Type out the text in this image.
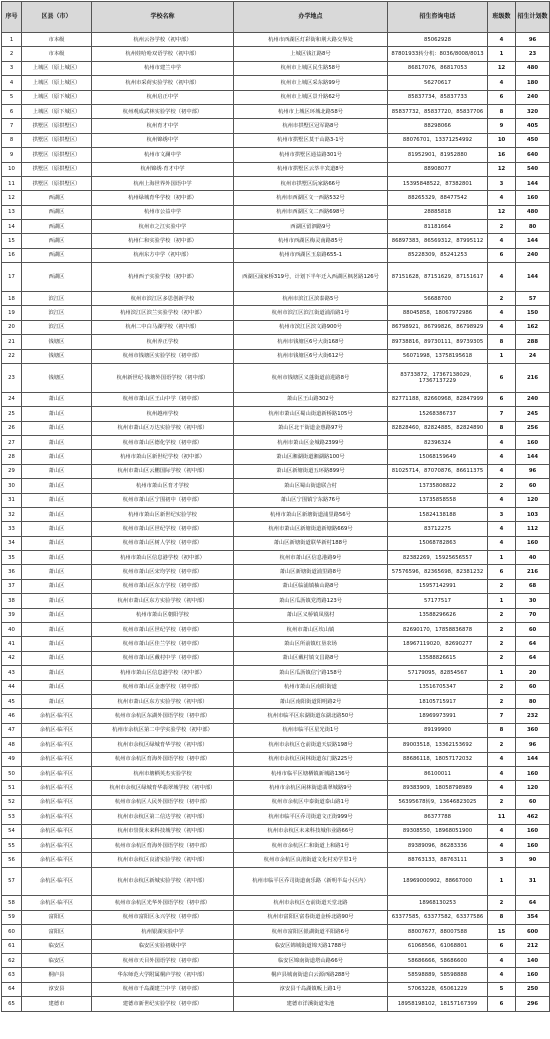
序号	区县（市）	学校名称	办学地点	招生咨询电话	班级数	招生计划数
1	市本级	杭州云谷学校（初中部）	杭州市西湖区灯彩街和荆大路交界处	85062928	4	96
2	市本级	杭州娃哈哈双语学校（初中部）	上城区钱江路8号	87801933转分机：8036/8008/8013	1	23
3	上城区（原上城区）	杭州市建兰中学	杭州市上城区民生路58号	86817076，86817053	12	480
4	上城区（原上城区）	杭州市采荷实验学校（初中部）	杭州市上城区采东路99号	56270617	4	180
5	上城区（原下城区）	杭州启正中学	杭州市上城区景升路62号	85837734，85837733	6	240
6	上城区（原下城区）	杭州观成武林实验学校（初中部）	杭州市上城区环城北路58号	85837732，85837720，85837706	8	320
7	拱墅区（原拱墅区）	杭州育才中学	杭州市拱墅区冠军路8号	88298066	9	405
8	拱墅区（原拱墅区）	杭州锦绣中学	杭州市拱墅区莫干山路3-1号	88076701，13371254992	10	450
9	拱墅区（原拱墅区）	杭州市文澜中学	杭州市拱墅区通益路301号	81952901，81952880	16	640
10	拱墅区（原拱墅区）	杭州锦绣·育才中学	杭州市拱墅区云萃丰宾道8号	88908077	12	540
11	拱墅区（原拱墅区）	杭州上海世界外国语中学	杭州市拱墅区阮家路66号	15395848522，87382801	3	144
12	西湖区	杭州绿城育华学校（初中部）	杭州市西湖区文一西路532号	88265329，88477542	4	160
13	西湖区	杭州市公益中学	杭州市西湖区文二西路698号	28885818	12	480
14	西湖区	杭州市之江实验中学	西湖区留泗路9号	81181664	2	80
15	西湖区	杭州仁和实验学校（初中部）	杭州市西湖区梅灵南路85号	86897383，86569312，87995112	4	144
16	西湖区	杭州东方中学（初中部）	杭州市西湖区玉泉路655-1	85228309，85241253	6	240
17	西湖区	杭州西子实验学校（初中部）	西湖区涌家桥319号，计划下半年迁入西湖区枫茗路126号	87151628，87151629，87151617	4	144
18	滨江区	杭州市滨江区多思创新学校	杭州市滨江区滨泰路5号	56688700	2	57
19	滨江区	杭州滨江区滨兰实验学校（初中部）	杭州市滨江区滨江街道浦沿路1号	88045858，18067972986	4	150
20	滨江区	杭州二中白马湖学校（初中部）	杭州市滨江区滨文路900号	86798921，86799826，86798929	4	162
21	钱塘区	杭州养正学校	杭州市钱塘区6号大街168号	89738816，89730111，89739305	8	288
22	钱塘区	杭州市钱塘区实验学校（初中部）	杭州市钱塘区6号大街612号	56071998，13758195618	1	24
23	钱塘区	杭州新世纪·钱塘外国语学校（初中部）	杭州市钱塘区义蓬街道前进路8号	83733872，17367138029，17367137229	6	216
24	萧山区	杭州市萧山区王山中学（初中部）	萧山区王山路302号	82771188，82660968，82847999	6	240
25	萧山区	杭州越州学校	杭州市萧山区蜀山街道新桥路105号	15268386737	7	245
26	萧山区	杭州市萧山区万达实验学校（初中部）	萧山区北干街道金惠路97号	82828460，82824885，82824890	8	256
27	萧山区	杭州市萧山区德化学校（初中部）	杭州市萧山区金城路2399号	82396324	4	160
28	萧山区	杭州市萧山区新世纪学校（初中部）	萧山区湘湖街道湘湖路100号	15068159649	4	144
29	萧山区	杭州市萧山区云鹏国际学校（初中部）	萧山区新塘街道五环路899号	81025714，87070876，86611375	4	96
30	萧山区	杭州市萧山区育才学校	萧山区蜀山街道联合村	13735808822	2	60
31	萧山区	杭州市萧山区宁围初中（初中部）	萧山区宁围镇宁东路76号	13735858558	4	120
32	萧山区	杭州市萧山区新世纪实验学校	杭州市萧山区新塘街道浦里路56号	15824138188	3	103
33	萧山区	杭州市萧山区世纪学校（初中部）	杭州市萧山区新塘街道新塘路669号	83712275	4	112
34	萧山区	杭州市萧山区树人学校（初中部）	萧山区新塘街道联华新村188号	15068782863	4	160
35	萧山区	杭州市萧山区信息港学校（初中部）	杭州市萧山区信息港路9号	82382269，15925656557	1	40
36	萧山区	杭州市萧山区宋均学校（初中部）	萧山区新塘街道浦里路8号	57576596，82365698，82381232	6	216
37	萧山区	杭州市萧山区东方学校（初中部）	萧山区临浦镇柚山路8号	15957142991	2	68
38	萧山区	杭州市萧山区东方实验学校（初中部）	萧山区瓜沥镇党湾路123号	57177517	1	30
39	萧山区	杭州市萧山区朝阳学校	萧山区义桥镇凤凰村	13588296626	2	70
40	萧山区	杭州市萧山区世纪学校（初中部）	杭州市萧山区坎山镇	82690170，17858836878	2	60
41	萧山区	杭州市萧山区佳兰学校（初中部）	萧山区所前镇红垦农场	18967119020，82690277	2	64
42	萧山区	杭州市萧山区戴村中学（初中部）	萧山区戴村镇文昌路8号	13588826615	2	64
43	萧山区	杭州市萧山区信息港学校（初中部）	萧山区瓜沥镇信宁路158号	57179095，82854567	1	20
44	萧山区	杭州市萧山区金惠学校（初中部）	杭州市萧山区南阳街道	13516705347	2	60
45	萧山区	杭州市萧山区东方实验学校（初中部）	萧山区南阳街道阳明路2号	18105715917	2	80
46	余杭区·临平区	杭州市余杭区东湖外国语学校（初中部）	杭州市临平区东湖街道东湖北路50号	18969973991	7	232
47	余杭区·临平区	杭州市余杭区第二中学实验学校（初中部）	杭州市临平区星光街1号	89199900	8	360
48	余杭区·临平区	杭州市余杭区绿城育华学校（初中部）	杭州市余杭区仓前街道天辰路198号	89003518，13362153692	2	96
49	余杭区·临平区	杭州市余杭区育海外国语学校（初中部）	杭州市余杭区闲林街道东门路225号	88686118，18057172032	4	144
50	余杭区·临平区	杭州市塘栖英杰实验学校	杭州市临平区塘栖镇新城路136号	86100011	4	160
51	余杭区·临平区	杭州市余杭区绿城育华翡翠城学校（初中部）	杭州市余杭区闲林街道翡翠城路9号	89383909，18058798989	4	120
52	余杭区·临平区	杭州市余杭区人民外国语学校（初中部）	杭州市余杭区中泰街道泰山路1号	56395678转9，13646823025	2	60
53	余杭区·临平区	杭州市余杭区第二信达学校（初中部）	杭州市临平区乔司街道文正街999号	86377788	11	462
54	余杭区·临平区	杭州市崇贤未来科技城学校（初中部）	杭州市余杭区未来科技城伟业路66号	89308550，18968051900	4	160
55	余杭区·临平区	杭州市余杭区育海外国语学校（初中部）	杭州市余杭区仁和街道上和路1号	89389096，86283336	4	160
56	余杭区·临平区	杭州市余杭区良渚实验学校（初中部）	杭州市余杭区良渚街道文化村劝学里1号	88763133，88763111	3	90
57	余杭区·临平区	杭州市余杭区新城实验学校（初中部）	杭州市临平区乔司街道南乐路（新明半岛小区内）	18969000902，88667000	1	31
58	余杭区·临平区	杭州市余杭区光华外国语学校（初中部）	杭州市余杭区仓前街道天堂北路	18968130253	2	64
59	富阳区	杭州市富阳区永兴学校（初中部）	杭州市富阳区富春街道金桥北路90号	63377585，63377582，63377586	8	354
60	富阳区	杭州银湖实验中学	杭州市富阳区银湖街道平阳路6号	88007677，88007588	15	600
61	临安区	临安区实验初级中学	临安区锦城街道锦天路1788号	61068566，61068801	6	212
62	临安区	杭州市天目外国语学校（初中部）	临安区锦南街道塔山路66号	58686666，58686600	4	140
63	桐庐县	华东师范大学附属桐庐学校（初中部）	桐庐县城南街道白云源西路288号	58598889，58598888	4	160
64	淳安县	杭州市千岛湖建兰中学（初中部）	淳安县千岛湖镇畈上路1号	57063228，65061229	5	250
65	建德市	建德市新世纪实验学校（初中部）	建德市洋溪街道朱池	18958198102，18157167399	6	296
